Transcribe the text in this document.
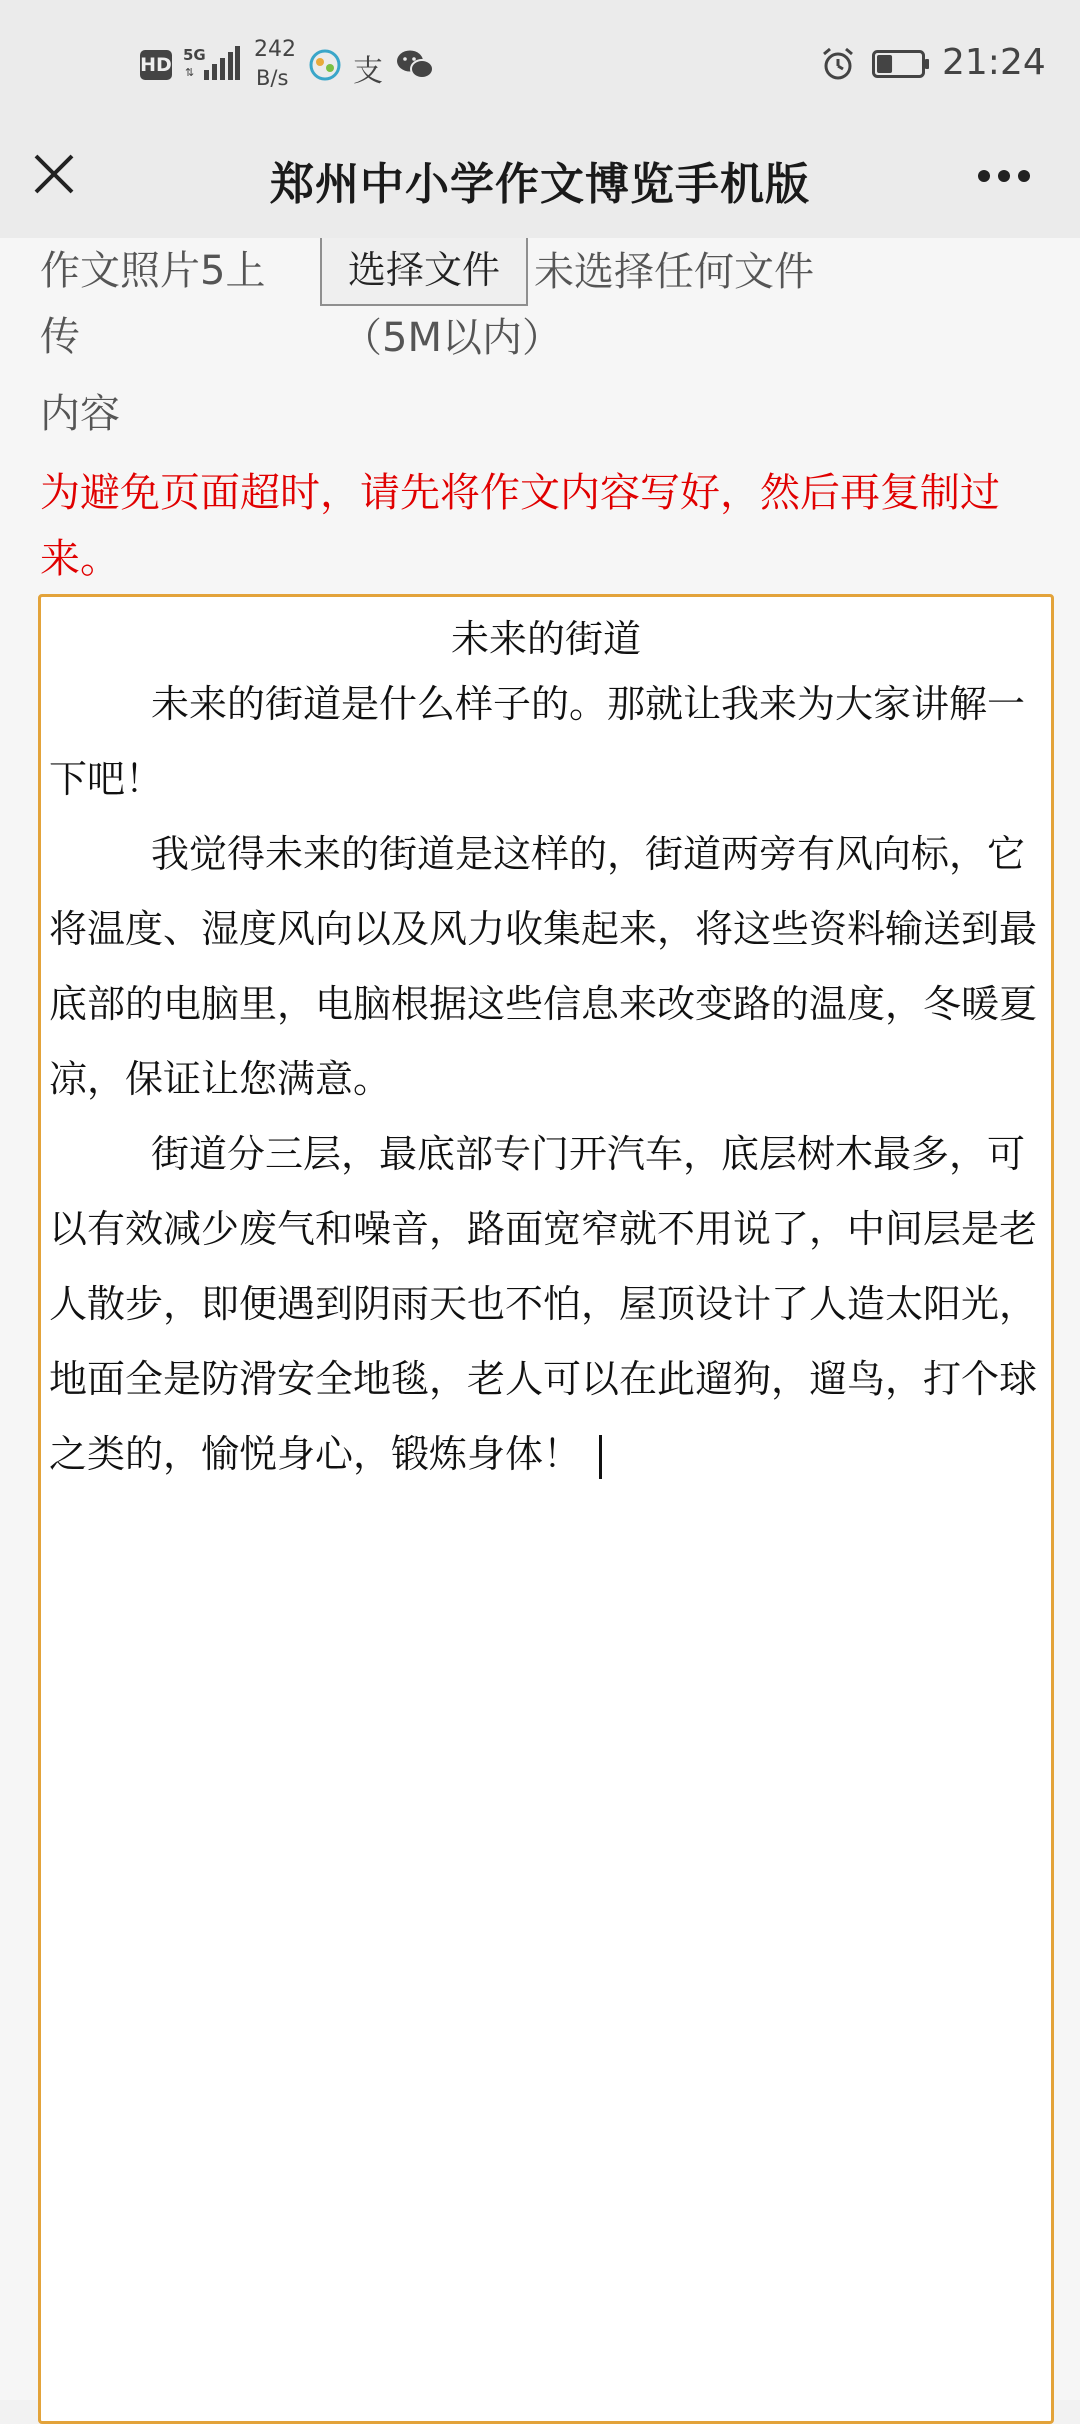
HD 5G
⇅
242
B/s 支	21:24
郑州中小学作文博览手机版
作文照片5上传
选择文件 未选择任何文件
（5M以内）
内容
为避免页面超时，请先将作文内容写好，然后再复制过来。
未来的街道

未来的街道是什么样子的。那就让我来为大家讲解一下吧！

我觉得未来的街道是这样的，街道两旁有风向标，它将温度、湿度风向以及风力收集起来，将这些资料输送到最底部的电脑里，电脑根据这些信息来改变路的温度，冬暖夏凉，保证让您满意。

街道分三层，最底部专门开汽车，底层树木最多，可以有效减少废气和噪音，路面宽窄就不用说了，中间层是老人散步，即便遇到阴雨天也不怕，屋顶设计了人造太阳光，地面全是防滑安全地毯，老人可以在此遛狗，遛鸟，打个球之类的，愉悦身心，锻炼身体！
